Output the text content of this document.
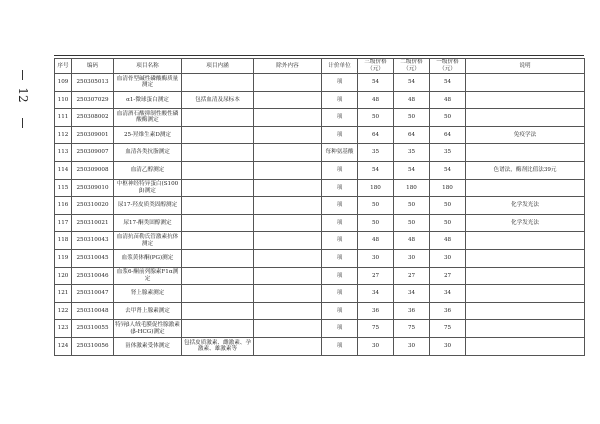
12
序号	编码	项目名称	项目内涵	除外内容	计价单位	三级价格（元）	二级价格（元）	一级价格（元）	说明
109	250305013	血清骨型碱性磷酸酶质量测定			项	54	54	54	
110	250307029	α1-微球蛋白测定	包括血清及尿标本		项	48	48	48	
111	250308002	血清酒石酸抑制性酸性磷酸酶测定			项	50	50	50	
112	250309001	25-羟维生素D测定			项	64	64	64	免疫学法
113	250309007	血清各类抗脂测定			每种氨基酸	35	35	35	
114	250309008	血清乙醇测定			项	54	54	54	色谱法，酶剂比值法39元
115	250309010	中枢神经特异蛋白(S100β)测定			项	180	180	180	
116	250310020	尿17-羟皮质类固醇测定			项	50	50	50	化学发光法
117	250310021	尿17-酮类固醇测定			项	50	50	50	化学发光法
118	250310043	血清抗苗勒氏管激素抗体测定			项	48	48	48	
119	250310045	血浆黄体酮(PG)测定			项	30	30	30	
120	250310046	血浆6-酮前列腺素F1α测定			项	27	27	27	
121	250310047	肾上腺素测定			项	34	34	34	
122	250310048	去甲肾上腺素测定			项	36	36	36	
123	250310055	特异β人绒毛膜促性腺激素(β-HCG)测定			项	75	75	75	
124	250310056	甾体激素受体测定	包括皮质激素、雌激素、孕激素、雄激素等		项	30	30	30	
